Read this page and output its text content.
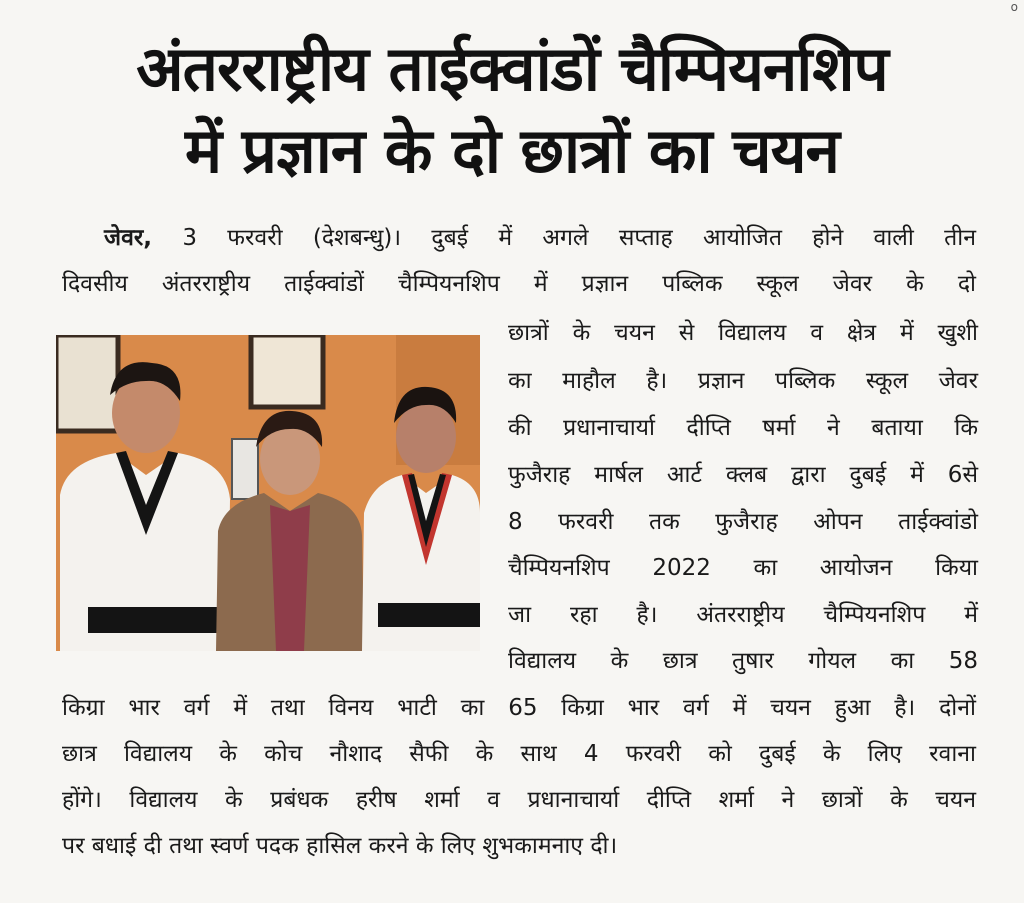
o
अंतरराष्ट्रीय ताईक्वांडों चैम्पियनशिप
में प्रज्ञान के दो छात्रों का चयन
जेवर, 3 फरवरी (देशबन्धु)। दुबई में अगले सप्ताह आयोजित होने वाली तीन
दिवसीय अंतरराष्ट्रीय ताईक्वांडों चैम्पियनशिप में प्रज्ञान पब्लिक स्कूल जेवर के दो
छात्रों के चयन से विद्यालय व क्षेत्र में खुशी
का माहौल है। प्रज्ञान पब्लिक स्कूल जेवर
की प्रधानाचार्या दीप्ति षर्मा ने बताया कि
फुजैराह मार्षल आर्ट क्लब द्वारा दुबई में 6से
8 फरवरी तक फुजैराह ओपन ताईक्वांडो
चैम्पियनशिप 2022 का आयोजन किया
जा रहा है। अंतरराष्ट्रीय चैम्पियनशिप में
विद्यालय के छात्र तुषार गोयल का 58
किग्रा भार वर्ग में तथा विनय भाटी का 65 किग्रा भार वर्ग में चयन हुआ है। दोनों
छात्र विद्यालय के कोच नौशाद सैफी के साथ 4 फरवरी को दुबई के लिए रवाना
होंगे। विद्यालय के प्रबंधक हरीष शर्मा व प्रधानाचार्या दीप्ति शर्मा ने छात्रों के चयन
पर बधाई दी तथा स्वर्ण पदक हासिल करने के लिए शुभकामनाए दी।
